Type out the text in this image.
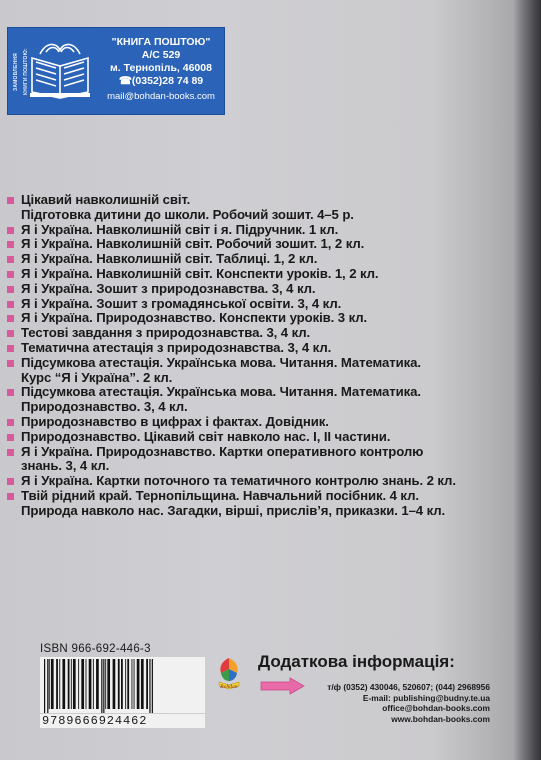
ЗАМОВЛЕННЯ КНИГИ ПОШТОЮ:
"КНИГА ПОШТОЮ"
А/С 529
м. Тернопіль, 46008
☎(0352)28 74 89
mail@bohdan-books.com
Цікавий навколишній світ.
Підготовка дитини до школи. Робочий зошит. 4–5 р.
Я і Україна. Навколишній світ і я. Підручник. 1 кл.
Я і Україна. Навколишній світ. Робочий зошит. 1, 2 кл.
Я і Україна. Навколишній світ. Таблиці. 1, 2 кл.
Я і Україна. Навколишній світ. Конспекти уроків. 1, 2 кл.
Я і Україна. Зошит з природознавства. 3, 4 кл.
Я і Україна. Зошит з громадянської освіти. 3, 4 кл.
Я і Україна. Природознавство. Конспекти уроків. 3 кл.
Тестові завдання з природознавства. 3, 4 кл.
Тематична атестація з природознавства. 3, 4 кл.
Підсумкова атестація. Українська мова. Читання. Математика.
Курс “Я і Україна”. 2 кл.
Підсумкова атестація. Українська мова. Читання. Математика.
Природознавство. 3, 4 кл.
Природознавство в цифрах і фактах. Довідник.
Природознавство. Цікавий світ навколо нас. I, II частини.
Я і Україна. Природознавство. Картки оперативного контролю
знань. 3, 4 кл.
Я і Україна. Картки поточного та тематичного контролю знань. 2 кл.
Твій рідний край. Тернопільщина. Навчальний посібник. 4 кл.
Природа навколо нас. Загадки, вірші, прислів’я, приказки. 1–4 кл.
ISBN 966-692-446-3
9789666924462
Bohdan
Додаткова інформація:
т/ф (0352) 430046, 520607; (044) 2968956
E-mail: publishing@budny.te.ua
office@bohdan-books.com
www.bohdan-books.com
